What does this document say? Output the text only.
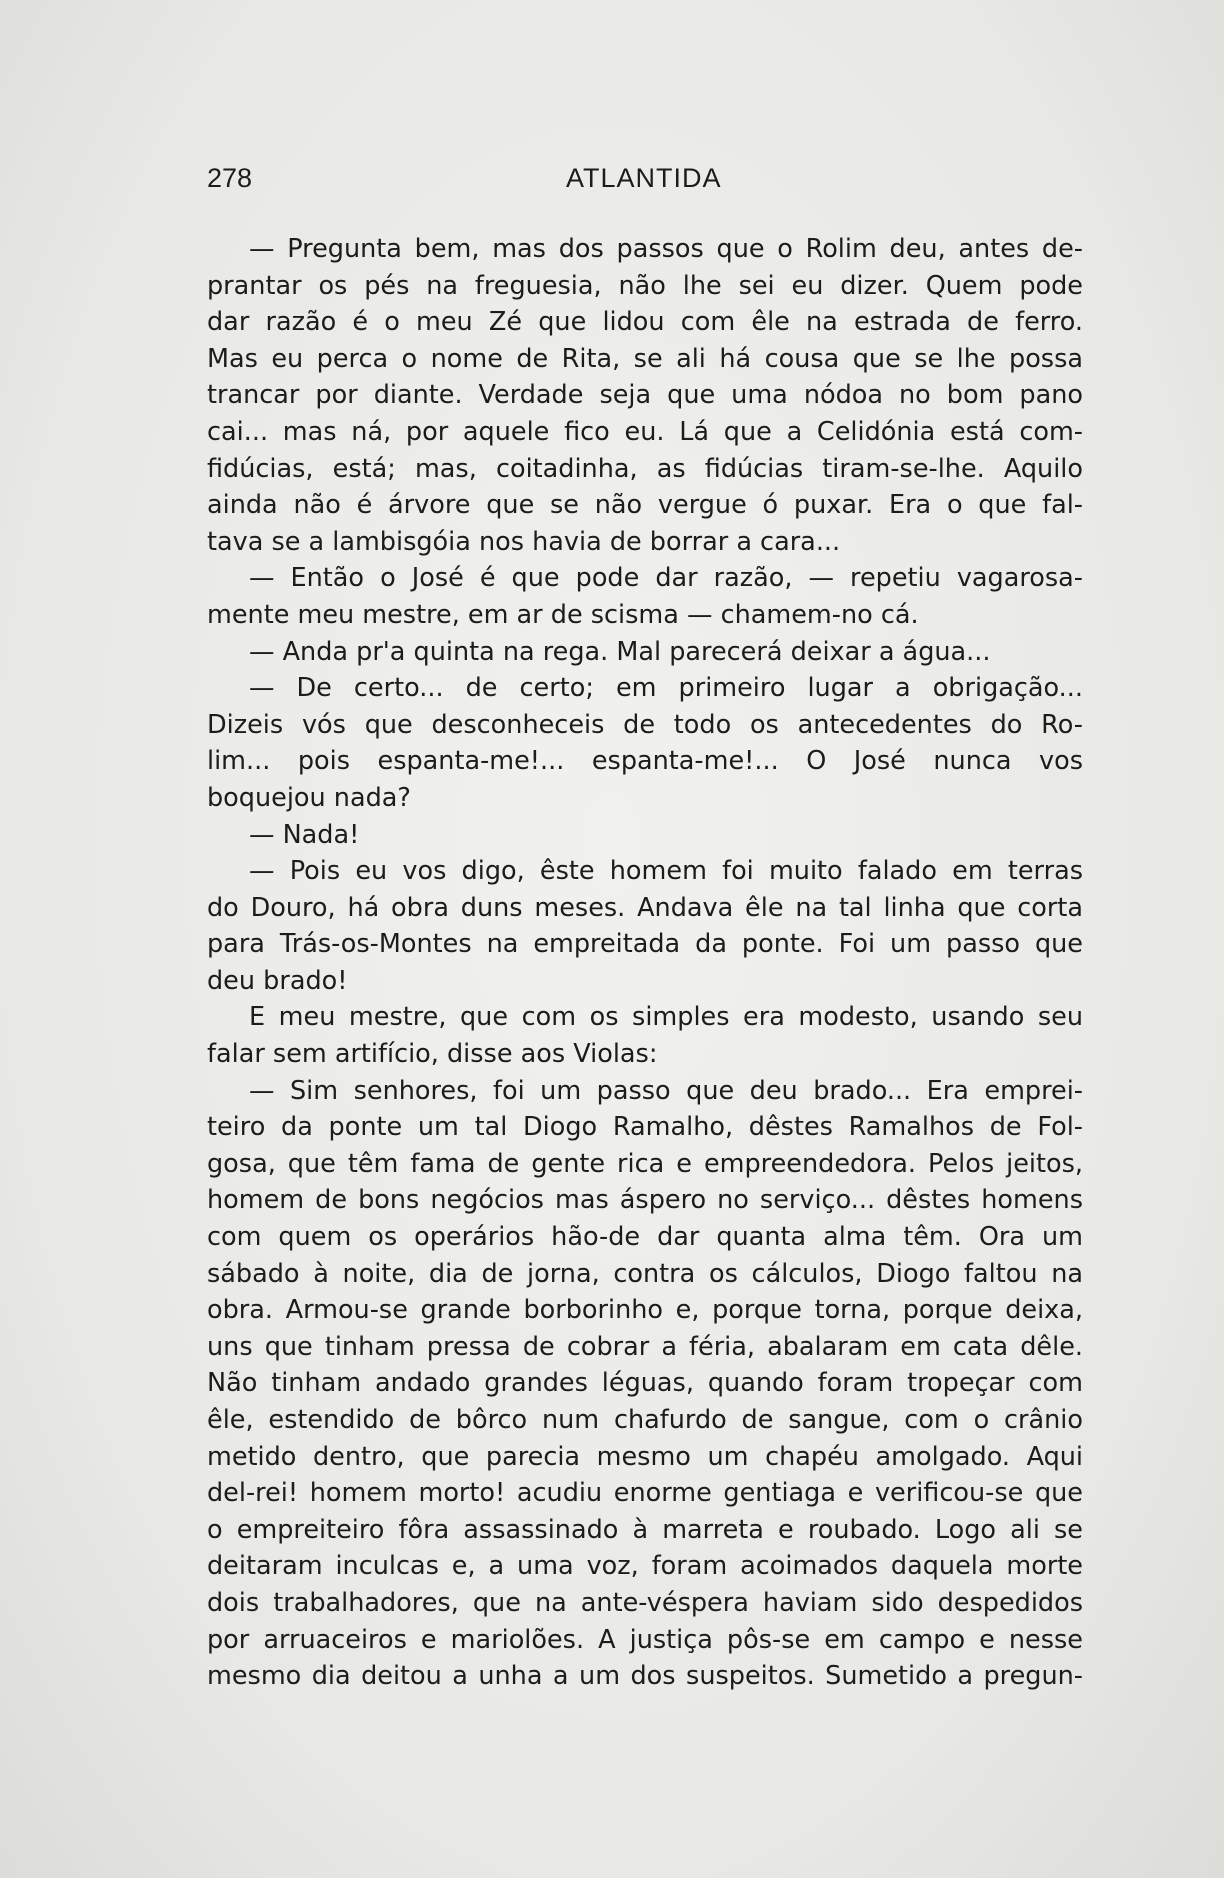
278	ATLANTIDA
— Pregunta bem, mas dos passos que o Rolim deu, antes de-
prantar os pés na freguesia, não lhe sei eu dizer. Quem pode
dar razão é o meu Zé que lidou com êle na estrada de ferro.
Mas eu perca o nome de Rita, se ali há cousa que se lhe possa
trancar por diante. Verdade seja que uma nódoa no bom pano
cai... mas ná, por aquele fico eu. Lá que a Celidónia está com-
fidúcias, está; mas, coitadinha, as fidúcias tiram-se-lhe. Aquilo
ainda não é árvore que se não vergue ó puxar. Era o que fal-
tava se a lambisgóia nos havia de borrar a cara...
— Então o José é que pode dar razão, — repetiu vagarosa-
mente meu mestre, em ar de scisma — chamem-no cá.
— Anda pr'a quinta na rega. Mal parecerá deixar a água...
— De certo... de certo; em primeiro lugar a obrigação...
Dizeis vós que desconheceis de todo os antecedentes do Ro-
lim... pois espanta-me!... espanta-me!... O José nunca vos
boquejou nada?
— Nada!
— Pois eu vos digo, êste homem foi muito falado em terras
do Douro, há obra duns meses. Andava êle na tal linha que corta
para Trás-os-Montes na empreitada da ponte. Foi um passo que
deu brado!
E meu mestre, que com os simples era modesto, usando seu
falar sem artifício, disse aos Violas:
— Sim senhores, foi um passo que deu brado... Era emprei-
teiro da ponte um tal Diogo Ramalho, dêstes Ramalhos de Fol-
gosa, que têm fama de gente rica e empreendedora. Pelos jeitos,
homem de bons negócios mas áspero no serviço... dêstes homens
com quem os operários hão-de dar quanta alma têm. Ora um
sábado à noite, dia de jorna, contra os cálculos, Diogo faltou na
obra. Armou-se grande borborinho e, porque torna, porque deixa,
uns que tinham pressa de cobrar a féria, abalaram em cata dêle.
Não tinham andado grandes léguas, quando foram tropeçar com
êle, estendido de bôrco num chafurdo de sangue, com o crânio
metido dentro, que parecia mesmo um chapéu amolgado. Aqui
del-rei! homem morto! acudiu enorme gentiaga e verificou-se que
o empreiteiro fôra assassinado à marreta e roubado. Logo ali se
deitaram inculcas e, a uma voz, foram acoimados daquela morte
dois trabalhadores, que na ante-véspera haviam sido despedidos
por arruaceiros e mariolões. A justiça pôs-se em campo e nesse
mesmo dia deitou a unha a um dos suspeitos. Sumetido a pregun-
